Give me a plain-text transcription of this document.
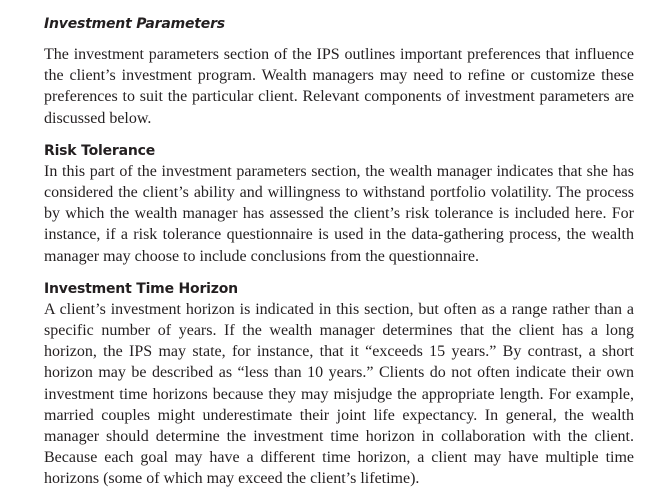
Investment Parameters

The investment parameters section of the IPS outlines important preferences that influence the client’s investment program. Wealth managers may need to refine or customize these preferences to suit the particular client. Relevant components of investment parameters are discussed below.

Risk Tolerance

In this part of the investment parameters section, the wealth manager indicates that she has considered the client’s ability and willingness to withstand portfolio volatility. The process by which the wealth manager has assessed the client’s risk tolerance is included here. For instance, if a risk tolerance questionnaire is used in the data-gathering process, the wealth manager may choose to include conclusions from the questionnaire.

Investment Time Horizon

A client’s investment horizon is indicated in this section, but often as a range rather than a specific number of years. If the wealth manager determines that the client has a long horizon, the IPS may state, for instance, that it “exceeds 15 years.” By contrast, a short horizon may be described as “less than 10 years.” Clients do not often indicate their own investment time horizons because they may misjudge the appropriate length. For example, married couples might underestimate their joint life expectancy. In general, the wealth manager should determine the investment time horizon in collaboration with the client. Because each goal may have a different time horizon, a client may have multiple time horizons (some of which may exceed the client’s lifetime).
